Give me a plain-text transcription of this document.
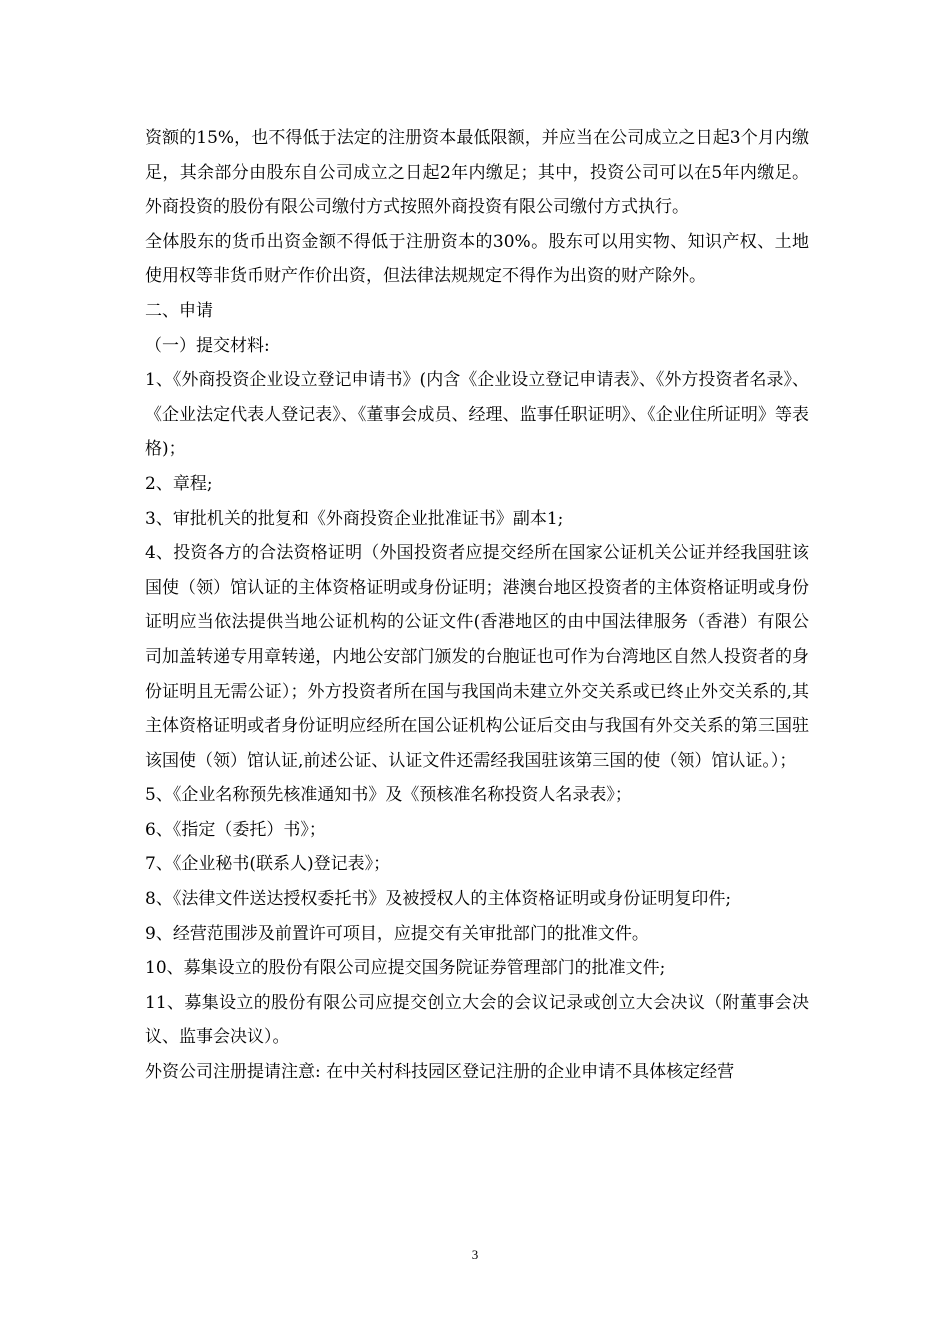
资额的15%，也不得低于法定的注册资本最低限额，并应当在公司成立之日起3个月内缴足，其余部分由股东自公司成立之日起2年内缴足；其中，投资公司可以在5年内缴足。外商投资的股份有限公司缴付方式按照外商投资有限公司缴付方式执行。

全体股东的货币出资金额不得低于注册资本的30%。股东可以用实物、知识产权、土地使用权等非货币财产作价出资，但法律法规规定不得作为出资的财产除外。

二、申请

（一）提交材料:

1、《外商投资企业设立登记申请书》(内含《企业设立登记申请表》、《外方投资者名录》、《企业法定代表人登记表》、《董事会成员、经理、监事任职证明》、《企业住所证明》等表格)；

2、章程;

3、审批机关的批复和《外商投资企业批准证书》副本1;

4、投资各方的合法资格证明（外国投资者应提交经所在国家公证机关公证并经我国驻该国使（领）馆认证的主体资格证明或身份证明；港澳台地区投资者的主体资格证明或身份证明应当依法提供当地公证机构的公证文件(香港地区的由中国法律服务（香港）有限公司加盖转递专用章转递，内地公安部门颁发的台胞证也可作为台湾地区自然人投资者的身份证明且无需公证）；外方投资者所在国与我国尚未建立外交关系或已终止外交关系的,其主体资格证明或者身份证明应经所在国公证机构公证后交由与我国有外交关系的第三国驻该国使（领）馆认证,前述公证、认证文件还需经我国驻该第三国的使（领）馆认证。）；

5、《企业名称预先核准通知书》及《预核准名称投资人名录表》；

6、《指定（委托）书》；

7、《企业秘书(联系人)登记表》；

8、《法律文件送达授权委托书》及被授权人的主体资格证明或身份证明复印件;

9、经营范围涉及前置许可项目，应提交有关审批部门的批准文件。

10、募集设立的股份有限公司应提交国务院证券管理部门的批准文件;

11、募集设立的股份有限公司应提交创立大会的会议记录或创立大会决议（附董事会决议、监事会决议）。

外资公司注册提请注意: 在中关村科技园区登记注册的企业申请不具体核定经营

3
